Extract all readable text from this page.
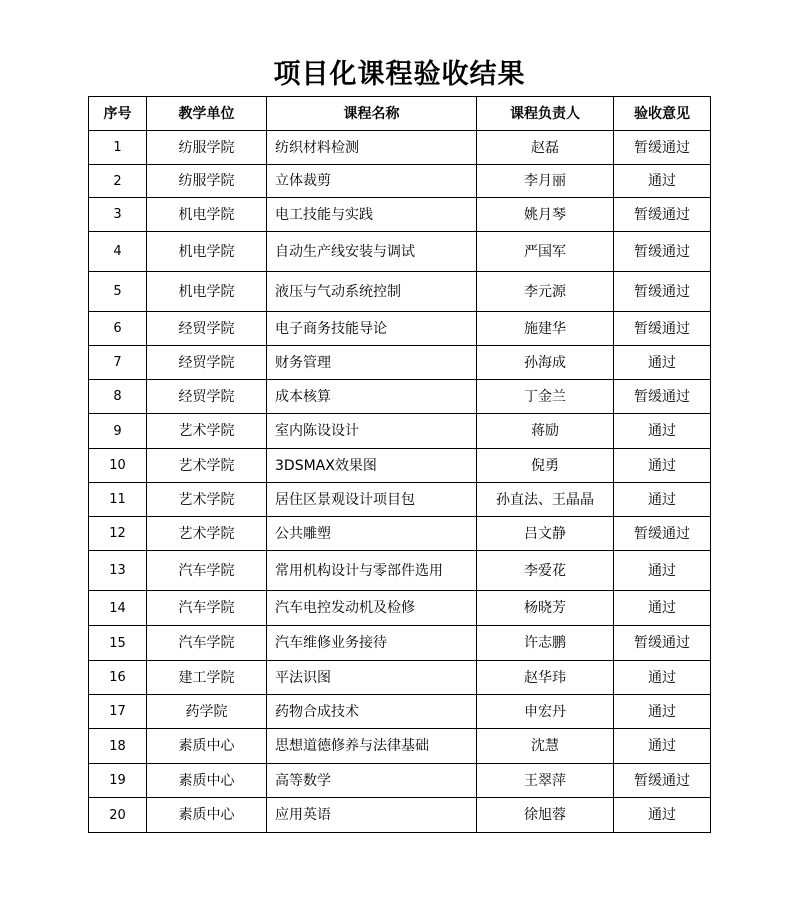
项目化课程验收结果
序号	教学单位	课程名称	课程负责人	验收意见
1	纺服学院	纺织材料检测	赵磊	暂缓通过
2	纺服学院	立体裁剪	李月丽	通过
3	机电学院	电工技能与实践	姚月琴	暂缓通过
4	机电学院	自动生产线安装与调试	严国军	暂缓通过
5	机电学院	液压与气动系统控制	李元源	暂缓通过
6	经贸学院	电子商务技能导论	施建华	暂缓通过
7	经贸学院	财务管理	孙海成	通过
8	经贸学院	成本核算	丁金兰	暂缓通过
9	艺术学院	室内陈设设计	蒋励	通过
10	艺术学院	3DSMAX效果图	倪勇	通过
11	艺术学院	居住区景观设计项目包	孙直法、王晶晶	通过
12	艺术学院	公共雕塑	吕文静	暂缓通过
13	汽车学院	常用机构设计与零部件选用	李爱花	通过
14	汽车学院	汽车电控发动机及检修	杨晓芳	通过
15	汽车学院	汽车维修业务接待	许志鹏	暂缓通过
16	建工学院	平法识图	赵华玮	通过
17	药学院	药物合成技术	申宏丹	通过
18	素质中心	思想道德修养与法律基础	沈慧	通过
19	素质中心	高等数学	王翠萍	暂缓通过
20	素质中心	应用英语	徐旭蓉	通过
